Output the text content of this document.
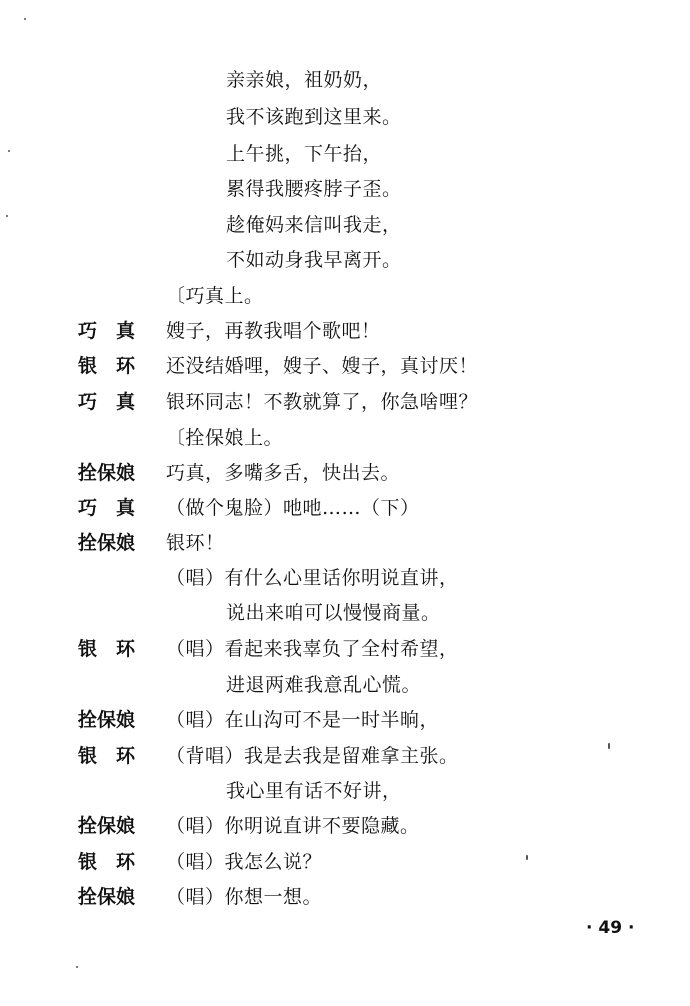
亲亲娘，祖奶奶，
我不该跑到这里来。
上午挑，下午抬，
累得我腰疼脖子歪。
趁俺妈来信叫我走，
不如动身我早离开。
〔巧真上。
巧　真 嫂子，再教我唱个歌吧！
银　环 还没结婚哩，嫂子、嫂子，真讨厌！
巧　真 银环同志！不教就算了，你急啥哩？
〔拴保娘上。
拴保娘 巧真，多嘴多舌，快出去。
巧　真 （做个鬼脸）吔吔……（下）
拴保娘 银环！
（唱）有什么心里话你明说直讲，
说出来咱可以慢慢商量。
银　环 （唱）看起来我辜负了全村希望，
进退两难我意乱心慌。
拴保娘 （唱）在山沟可不是一时半晌，
银　环 （背唱）我是去我是留难拿主张。
我心里有话不好讲，
拴保娘 （唱）你明说直讲不要隐藏。
银　环 （唱）我怎么说？
拴保娘 （唱）你想一想。
· 49 ·
